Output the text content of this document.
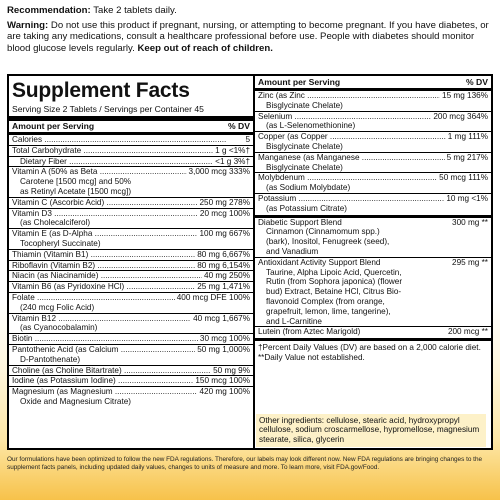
Recommendation: Take 2 tablets daily.

Warning: Do not use this product if pregnant, nursing, or attempting to become pregnant. If you have diabetes, or are taking any medications, consult a healthcare professional before use. People with diabetes should monitor blood glucose levels regularly. Keep out of reach of children.

Supplement Facts
Serving Size 2 Tablets / Servings per Container 45
Amount per Serving	% DV
Calories .....	5
Total Carbohydrate .....	1 g <1%†
Dietary Fiber .....	<1 g 3%†
Vitamin A (50% as Beta .....	3,000 mcg 333%
Carotene [1500 mcg] and 50%
as Retinyl Acetate [1500 mcg])
Vitamin C (Ascorbic Acid) .....	250 mg 278%
Vitamin D3 .....	20 mcg 100%
(as Cholecalciferol)
Vitamin E (as D-Alpha .....	100 mg 667%
Tocopheryl Succinate)
Thiamin (Vitamin B1) .....	80 mg 6,667%
Riboflavin (Vitamin B2) .....	80 mg 6,154%
Niacin (as Niacinamide) .....	40 mg 250%
Vitamin B6 (as Pyridoxine HCl) .....	25 mg 1,471%
Folate .....	400 mcg DFE 100%
(240 mcg Folic Acid)
Vitamin B12 .....	40 mcg 1,667%
(as Cyanocobalamin)
Biotin .....	30 mcg 100%
Pantothenic Acid (as Calcium .....	50 mg 1,000%
D-Pantothenate)
Choline (as Choline Bitartrate) .....	50 mg 9%
Iodine (as Potassium Iodine) .....	150 mcg 100%
Magnesium (as Magnesium .....	420 mg 100%
Oxide and Magnesium Citrate)
Amount per Serving	% DV
Zinc (as Zinc .....	15 mg 136%
Bisglycinate Chelate)
Selenium .....	200 mcg 364%
(as L-Selenomethionine)
Copper (as Copper .....	1 mg 111%
Bisglycinate Chelate)
Manganese (as Manganese .....	5 mg 217%
Bisglycinate Chelate)
Molybdenum .....	50 mcg 111%
(as Sodium Molybdate)
Potassium .....	10 mg <1%
(as Potassium Citrate)
Diabetic Support Blend	300 mg **
Cinnamon (Cinnamomum spp.)
(bark), Inositol, Fenugreek (seed),
and Vanadium
Antioxidant Activity Support Blend	295 mg **
Taurine, Alpha Lipoic Acid, Quercetin,
Rutin (from Sophora japonica) (flower
bud) Extract, Betaine HCl, Citrus Bio-
flavonoid Complex (from orange,
grapefruit, lemon, lime, tangerine),
and L-Carnitine
Lutein (from Aztec Marigold)	200 mcg **
†Percent Daily Values (DV) are based on a 2,000 calorie diet. **Daily Value not established.
Other ingredients: cellulose, stearic acid, hydroxypropyl cellulose, sodium croscarmellose, hypromellose, magnesium stearate, silica, glycerin
Our formulations have been optimized to follow the new FDA regulations. Therefore, our labels may look different now. New FDA regulations are bringing changes to the supplement facts panels, including updated daily values, changes to units of measure and more. To learn more, visit FDA.gov/Food.
